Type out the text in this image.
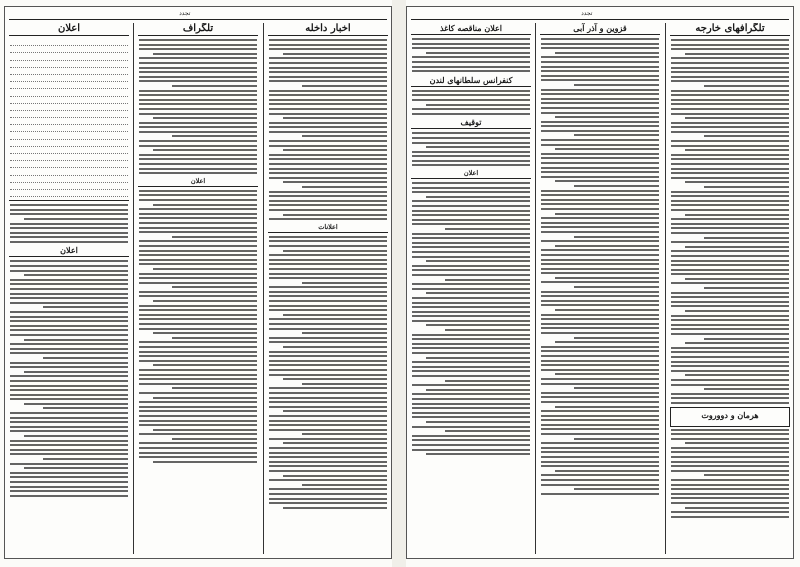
تجدد
اعلان
اعلان
تلگراف
اعلان
اخبار داخله
اعلانات
تجدد
اعلان مناقصه کاغذ
کنفرانس سلطانهای لندن
توقیف
اعلان
قزوین و آذر آبی	تلگرافهای خارجه
هرمان و دووروت
